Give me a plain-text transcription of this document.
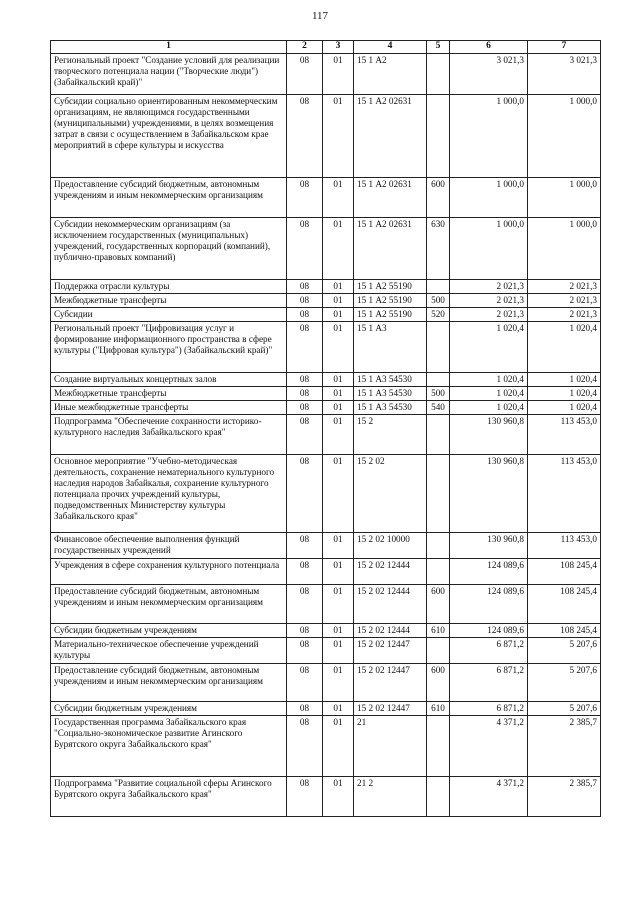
117
1	2	3	4	5	6	7
Региональный проект "Создание условий для реализации творческого потенциала нации ("Творческие люди") (Забайкальский край)"	08	01	15 1 А2		3 021,3	3 021,3
Субсидии социально ориентированным некоммерческим организациям, не являющимся государственными (муниципальными) учреждениями, в целях возмещения затрат в связи с осуществлением в Забайкальском крае мероприятий в сфере культуры и искусства	08	01	15 1 А2 02631		1 000,0	1 000,0
Предоставление субсидий бюджетным, автономным учреждениям и иным некоммерческим организациям	08	01	15 1 А2 02631	600	1 000,0	1 000,0
Субсидии некоммерческим организациям (за исключением государственных (муниципальных) учреждений, государственных корпораций (компаний), публично-правовых компаний)	08	01	15 1 А2 02631	630	1 000,0	1 000,0
Поддержка отрасли культуры	08	01	15 1 А2 55190		2 021,3	2 021,3
Межбюджетные трансферты	08	01	15 1 А2 55190	500	2 021,3	2 021,3
Субсидии	08	01	15 1 А2 55190	520	2 021,3	2 021,3
Региональный проект "Цифровизация услуг и формирование информационного пространства в сфере культуры ("Цифровая культура") (Забайкальский край)"	08	01	15 1 А3		1 020,4	1 020,4
Создание виртуальных концертных залов	08	01	15 1 А3 54530		1 020,4	1 020,4
Межбюджетные трансферты	08	01	15 1 А3 54530	500	1 020,4	1 020,4
Иные межбюджетные трансферты	08	01	15 1 А3 54530	540	1 020,4	1 020,4
Подпрограмма "Обеспечение сохранности историко-культурного наследия Забайкальского края"	08	01	15 2		130 960,8	113 453,0
Основное мероприятие "Учебно-методическая деятельность, сохранение нематериального культурного наследия народов Забайкалья, сохранение культурного потенциала прочих учреждений культуры, подведомственных Министерству культуры Забайкальского края"	08	01	15 2 02		130 960,8	113 453,0
Финансовое обеспечение выполнения функций государственных учреждений	08	01	15 2 02 10000		130 960,8	113 453,0
Учреждения в сфере сохранения культурного потенциала	08	01	15 2 02 12444		124 089,6	108 245,4
Предоставление субсидий бюджетным, автономным учреждениям и иным некоммерческим организациям	08	01	15 2 02 12444	600	124 089,6	108 245,4
Субсидии бюджетным учреждениям	08	01	15 2 02 12444	610	124 089,6	108 245,4
Материально-техническое обеспечение учреждений культуры	08	01	15 2 02 12447		6 871,2	5 207,6
Предоставление субсидий бюджетным, автономным учреждениям и иным некоммерческим организациям	08	01	15 2 02 12447	600	6 871,2	5 207,6
Субсидии бюджетным учреждениям	08	01	15 2 02 12447	610	6 871,2	5 207,6
Государственная программа Забайкальского края "Социально-экономическое развитие Агинского Бурятского округа Забайкальского края"	08	01	21		4 371,2	2 385,7
Подпрограмма "Развитие социальной сферы Агинского Бурятского округа Забайкальского края"	08	01	21 2		4 371,2	2 385,7
